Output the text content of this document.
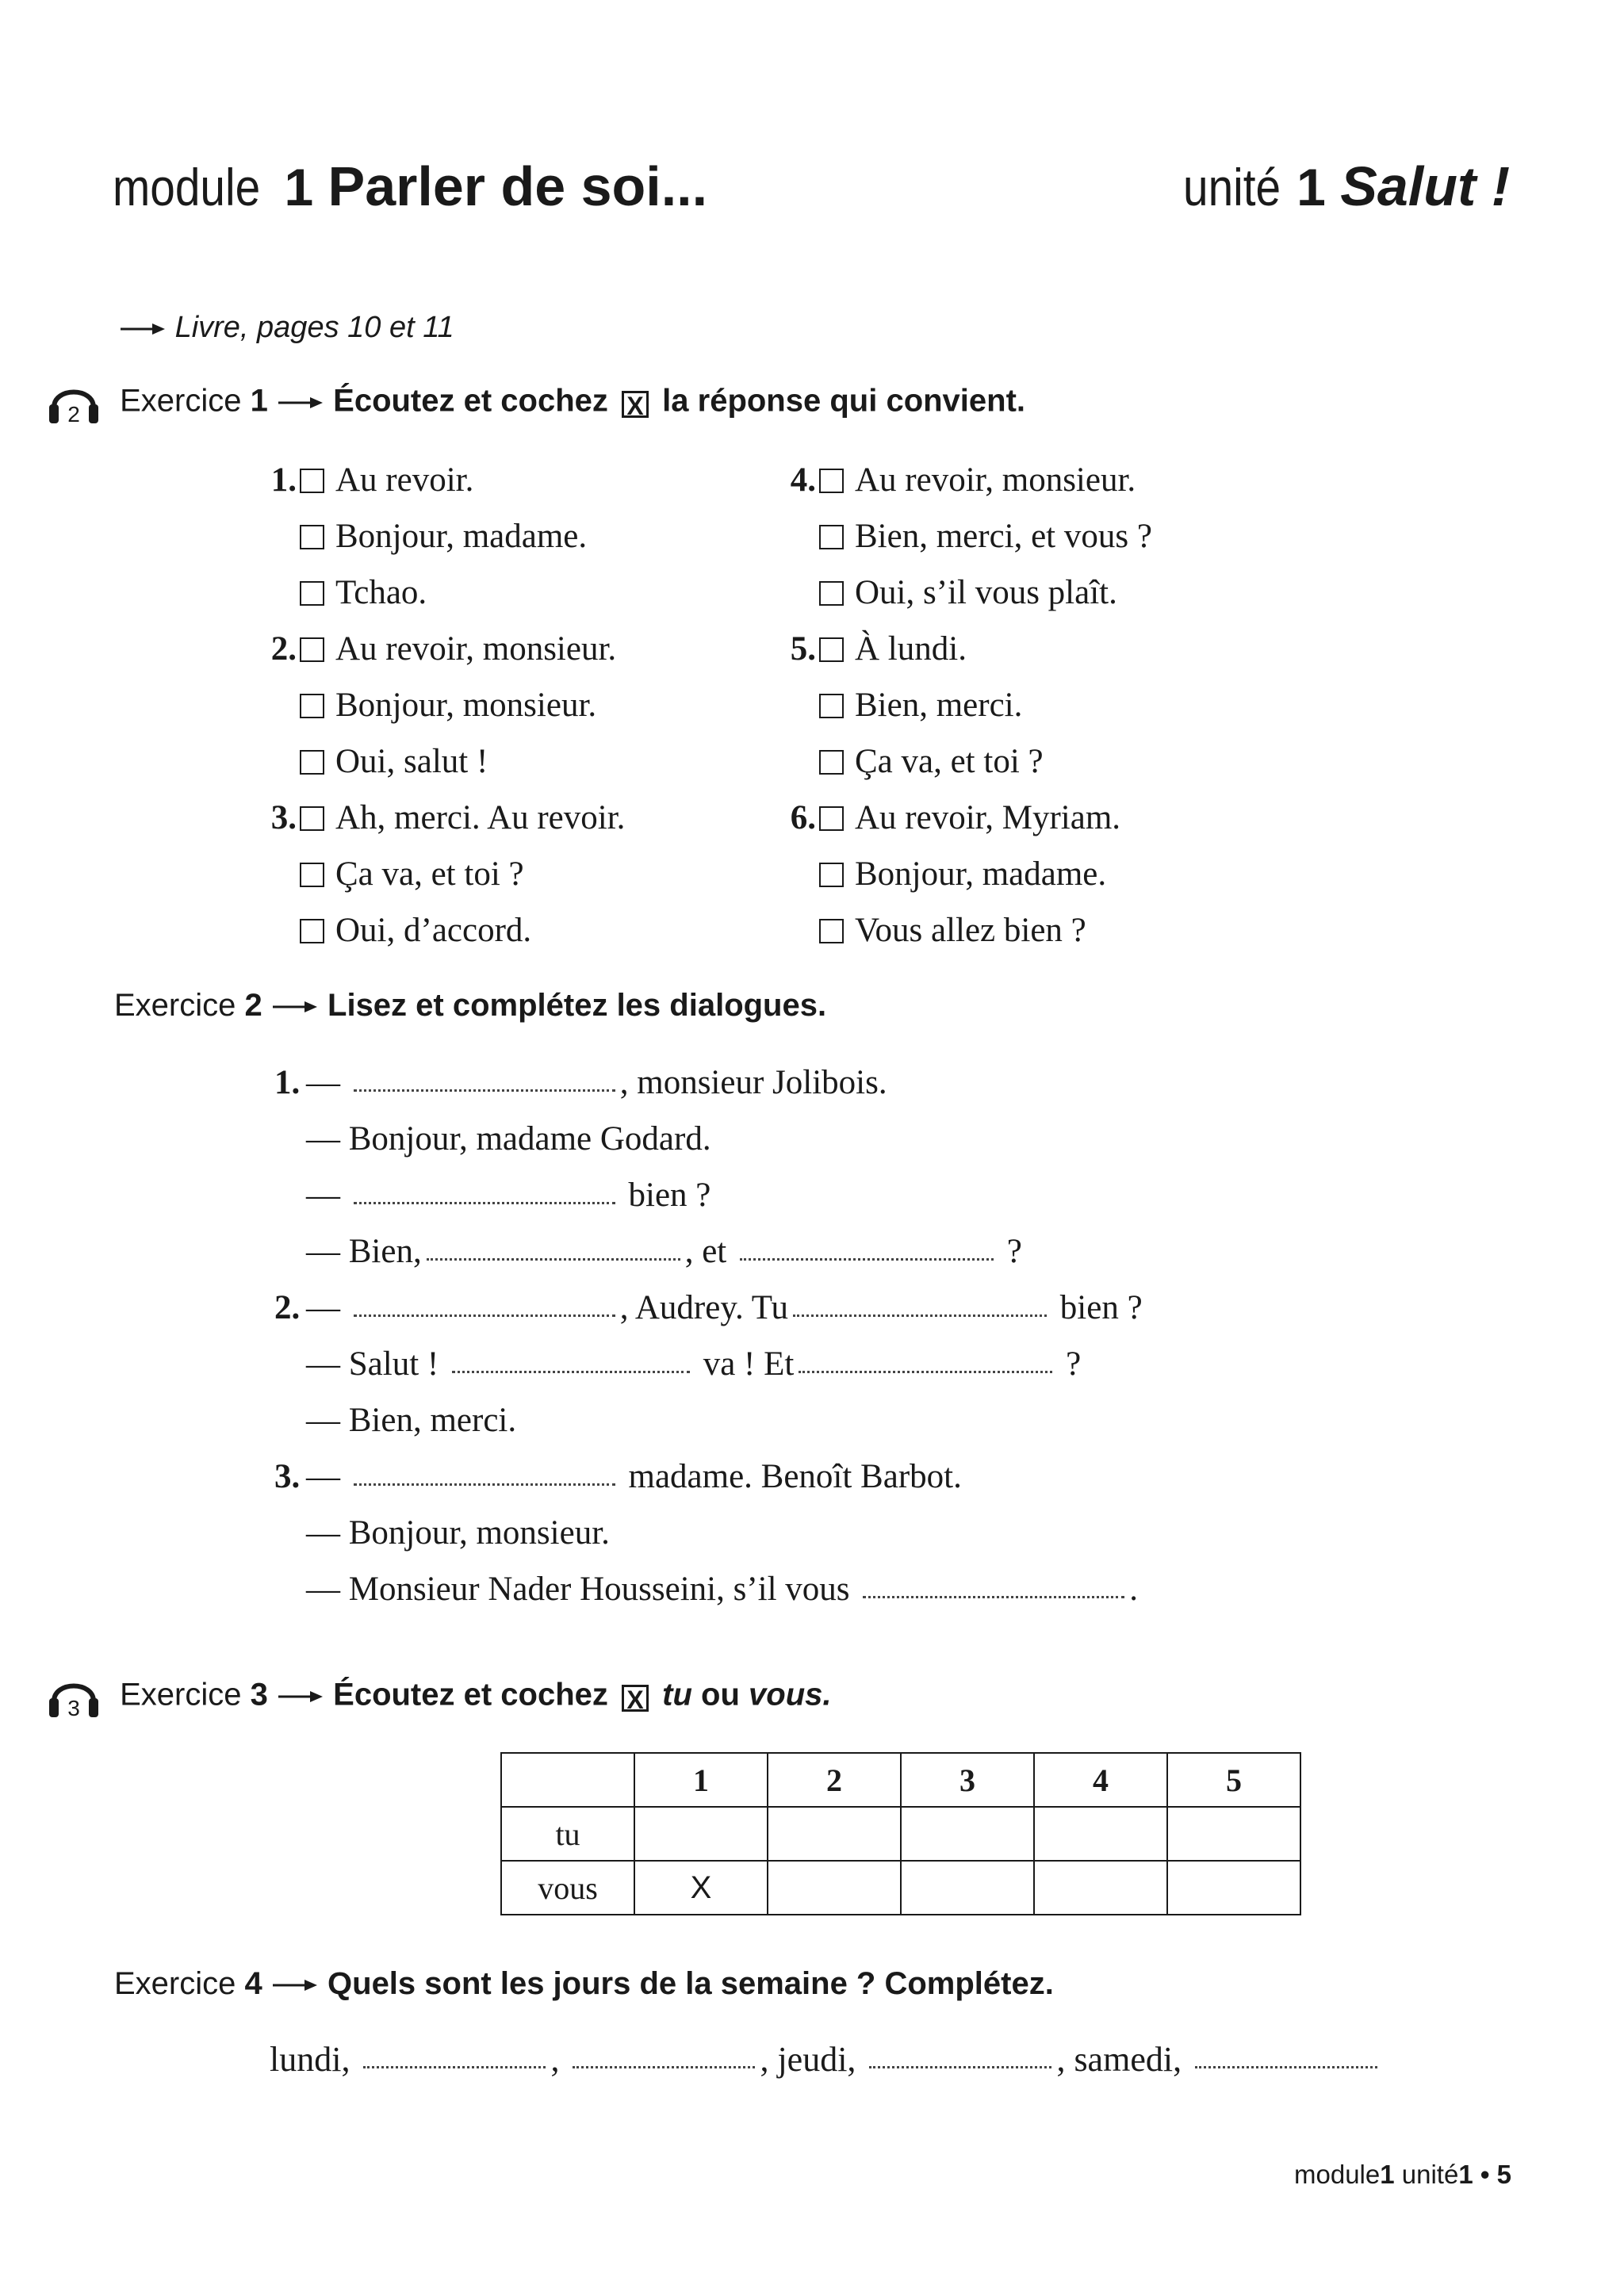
module 1 Parler de soi...	unité 1 Salut !
Livre, pages 10 et 11
2 Exercice 1 Écoutez et cochez X la réponse qui convient.
1. Au revoir.
Bonjour, madame.
Tchao.
2. Au revoir, monsieur.
Bonjour, monsieur.
Oui, salut !
3. Ah, merci. Au revoir.
Ça va, et toi ?
Oui, d’accord.
4. Au revoir, monsieur.
Bien, merci, et vous ?
Oui, s’il vous plaît.
5. À lundi.
Bien, merci.
Ça va, et toi ?
6. Au revoir, Myriam.
Bonjour, madame.
Vous allez bien ?
Exercice 2 Lisez et complétez les dialogues.
1. —	, monsieur Jolibois.
— Bonjour, madame Godard.
—	bien ?
— Bien,	, et	?
2. —	, Audrey. Tu	bien ?
— Salut !	va ! Et	?
— Bien, merci.
3. —	madame. Benoît Barbot.
— Bonjour, monsieur.
— Monsieur Nader Housseini, s’il vous	.
3 Exercice 3 Écoutez et cochez X tu ou vous.
	1	2	3	4	5
tu					
vous	X				
Exercice 4 Quels sont les jours de la semaine ? Complétez.
lundi,	,	, jeudi,	, samedi,
module1 unité1 • 5
